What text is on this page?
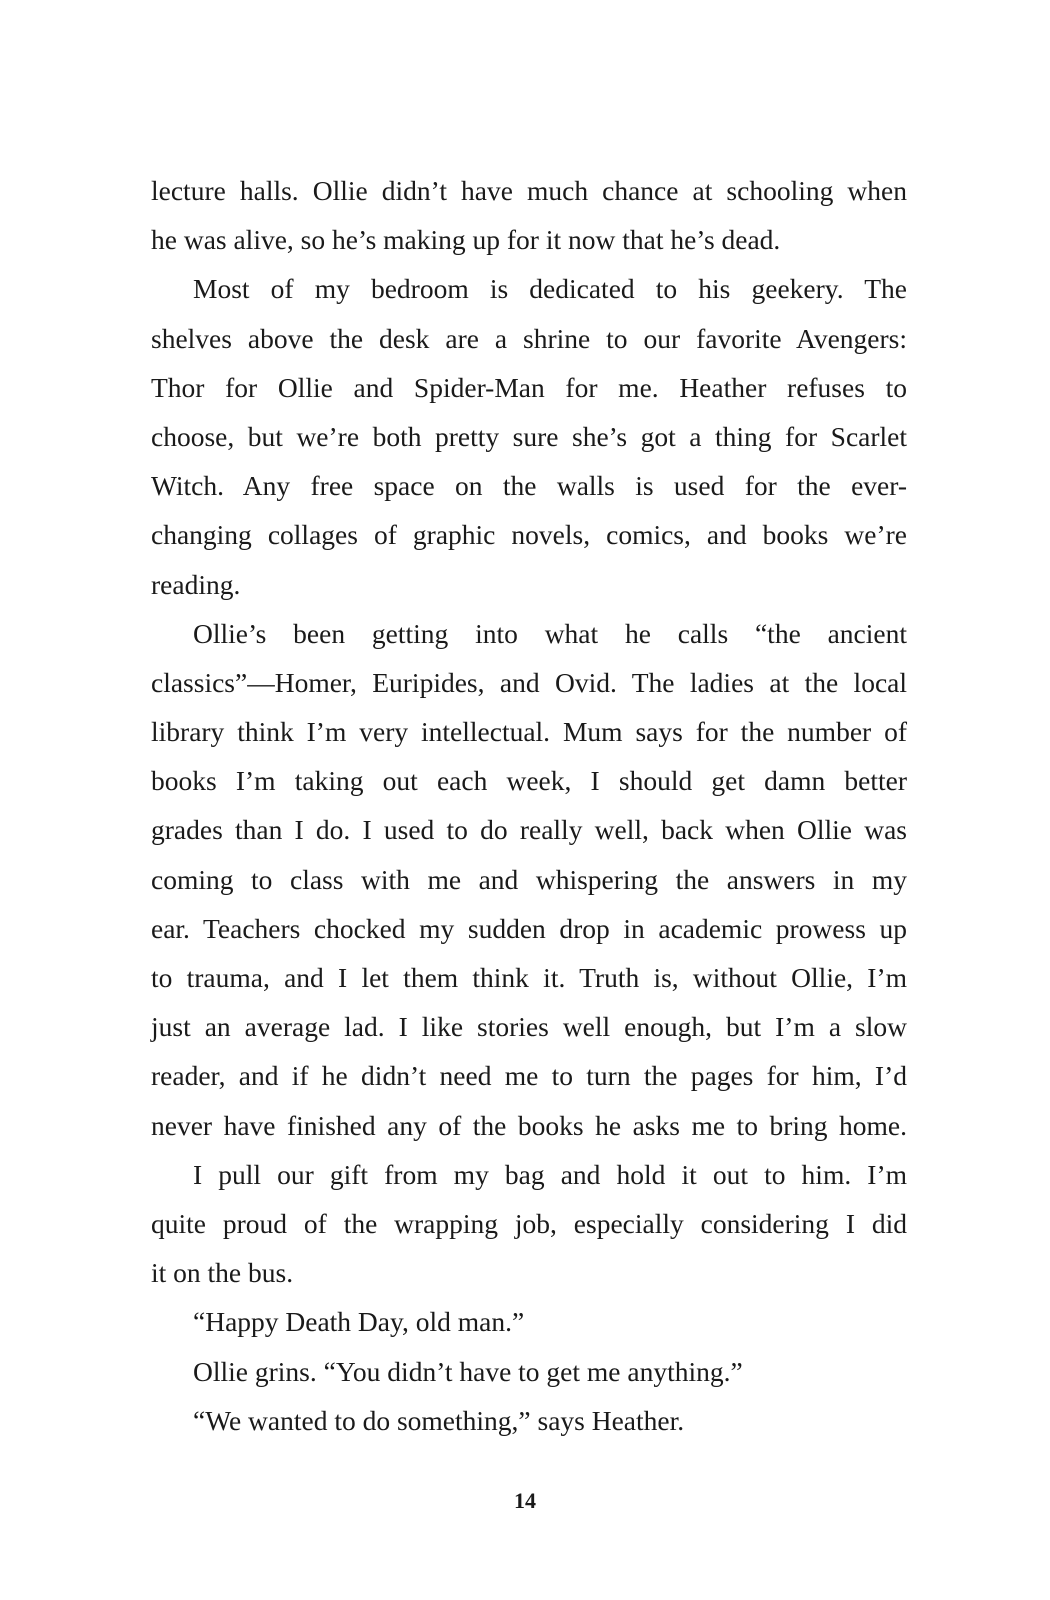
lecture halls. Ollie didn’t have much chance at schooling when
he was alive, so he’s making up for it now that he’s dead.
Most of my bedroom is dedicated to his geekery. The
shelves above the desk are a shrine to our favorite Avengers:
Thor for Ollie and Spider-Man for me. Heather refuses to
choose, but we’re both pretty sure she’s got a thing for Scarlet
Witch. Any free space on the walls is used for the ever-
changing collages of graphic novels, comics, and books we’re
reading.
Ollie’s been getting into what he calls “the ancient
classics”—Homer, Euripides, and Ovid. The ladies at the local
library think I’m very intellectual. Mum says for the number of
books I’m taking out each week, I should get damn better
grades than I do. I used to do really well, back when Ollie was
coming to class with me and whispering the answers in my
ear. Teachers chocked my sudden drop in academic prowess up
to trauma, and I let them think it. Truth is, without Ollie, I’m
just an average lad. I like stories well enough, but I’m a slow
reader, and if he didn’t need me to turn the pages for him, I’d
never have finished any of the books he asks me to bring home.
I pull our gift from my bag and hold it out to him. I’m
quite proud of the wrapping job, especially considering I did
it on the bus.
“Happy Death Day, old man.”
Ollie grins. “You didn’t have to get me anything.”
“We wanted to do something,” says Heather.
14
